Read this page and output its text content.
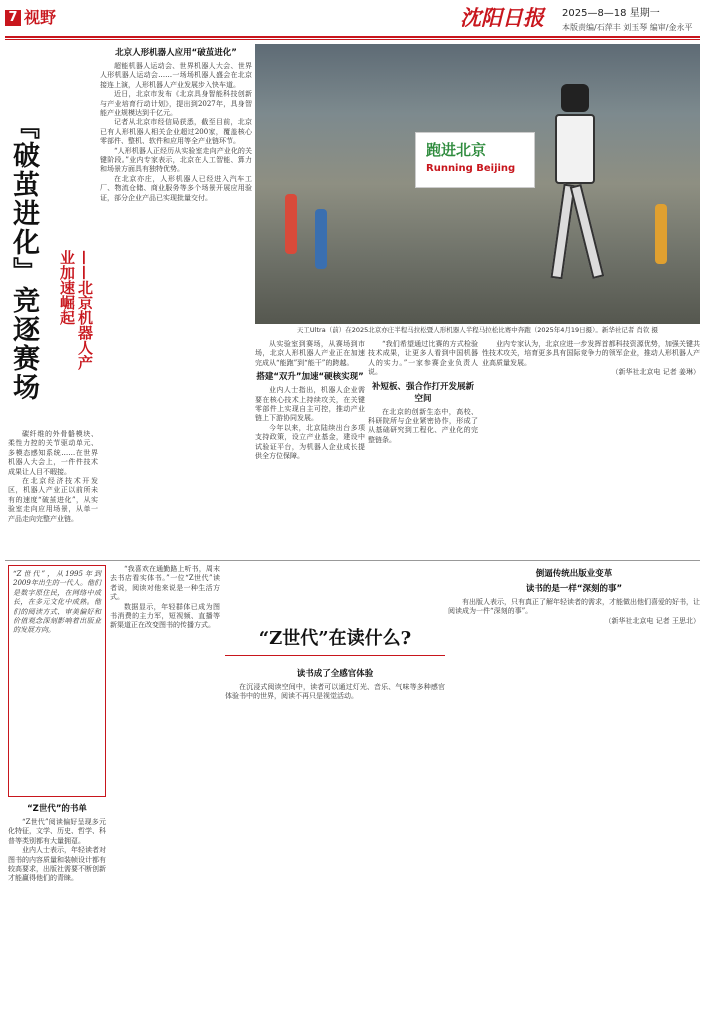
7 视野	沈阳日报 2025—8—18 星期一
本版责编/石萍丰 刘玉琴 编审/金永平
『破茧进化』竞逐赛场	——北京机器人产业加速崛起

碳纤维的外骨骼模块、柔性力控的关节驱动单元、多模态感知系统……在世界机器人大会上，一件件技术成果让人目不暇接。

在北京经济技术开发区，机器人产业正以前所未有的速度“破茧进化”，从实验室走向应用场景，从单一产品走向完整产业链。

北京人形机器人应用“破茧进化”

超能机器人运动会、世界机器人大会、世界人形机器人运动会……一场场机器人盛会在北京接连上演，人形机器人产业发展步入快车道。

近日，北京市发布《北京具身智能科技创新与产业培育行动计划》，提出到2027年，具身智能产业规模达到千亿元。

记者从北京市经信局获悉，截至目前，北京已有人形机器人相关企业超过200家，覆盖核心零部件、整机、软件和应用等全产业链环节。

“人形机器人正经历从实验室走向产业化的关键阶段。”业内专家表示，北京在人工智能、算力和场景方面具有独特优势。

在北京亦庄，人形机器人已经进入汽车工厂、物流仓储、商业服务等多个场景开展应用验证，部分企业产品已实现批量交付。

跑进北京
Running Beijing
天工Ultra（前）在2025北京亦庄半程马拉松暨人形机器人半程马拉松比赛中奔跑（2025年4月19日摄）。新华社记者 肖钦 摄

从实验室到赛场，从赛场到市场，北京人形机器人产业正在加速完成从“能跑”到“能干”的跨越。

搭建“双升”加速“硬核实现”

业内人士指出，机器人企业需要在核心技术上持续攻关，在关键零部件上实现自主可控，推动产业链上下游协同发展。

今年以来，北京陆续出台多项支持政策，设立产业基金，建设中试验证平台，为机器人企业成长提供全方位保障。

“我们希望通过比赛的方式检验技术成果，让更多人看到中国机器人的实力。”一家参赛企业负责人说。

补短板、强合作打开发展新空间

在北京的创新生态中，高校、科研院所与企业紧密协作，形成了从基础研究到工程化、产业化的完整链条。

业内专家认为，北京应进一步发挥首都科技资源优势，加强关键共性技术攻关，培育更多具有国际竞争力的领军企业，推动人形机器人产业高质量发展。

（新华社北京电 记者 姜琳）

“Z世代”，从1995年到2009年出生的一代人。他们是数字原住民，在网络中成长，在多元文化中成熟。他们的阅读方式、审美偏好和价值观念深刻影响着出版业的发展方向。
“Z世代”的书单

“Z世代”阅读偏好呈现多元化特征，文学、历史、哲学、科普等类别都有大量拥趸。

业内人士表示，年轻读者对图书的内容质量和装帧设计都有较高要求，出版社需要不断创新才能赢得他们的青睐。

“Z世代”在读什么?

“我喜欢在通勤路上听书，周末去书店看实体书。”一位“Z世代”读者说，阅读对他来说是一种生活方式。

数据显示，年轻群体已成为图书消费的主力军，短视频、直播等新渠道正在改变图书的传播方式。

读书成了全感官体验

在沉浸式阅读空间中，读者可以通过灯光、音乐、气味等多种感官体验书中的世界，阅读不再只是视觉活动。

倒逼传统出版业变革
读书的是一样“深刻的事”

有出版人表示，只有真正了解年轻读者的需求，才能做出他们喜爱的好书，让阅读成为一件“深刻的事”。

（新华社北京电 记者 王思北）
